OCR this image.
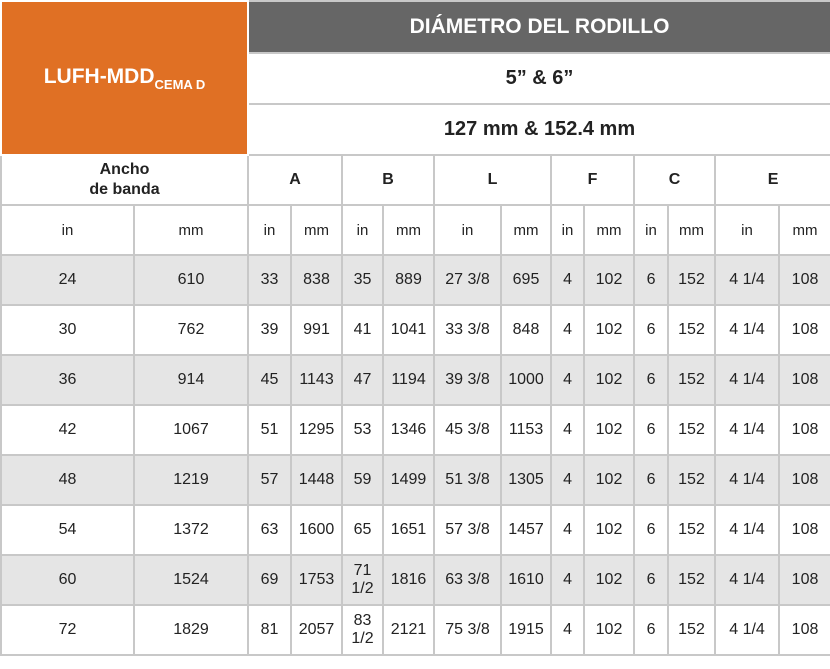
LUFH-$MDD_{CEMA D}$		DIÁMETRO DEL RODILLO											
		5” & 6”											
		127 mm & 152.4 mm											
Ancho
de banda		A		B		L		F		C		E	
in	mm	in	mm	in	mm	in	mm	in	mm	in	mm	in	mm
24	610	33	838	35	889	27 3/8	695	4	102	6	152	4 1/4	108
30	762	39	991	41	1041	33 3/8	848	4	102	6	152	4 1/4	108
36	914	45	1143	47	1194	39 3/8	1000	4	102	6	152	4 1/4	108
42	1067	51	1295	53	1346	45 3/8	1153	4	102	6	152	4 1/4	108
48	1219	57	1448	59	1499	51 3/8	1305	4	102	6	152	4 1/4	108
54	1372	63	1600	65	1651	57 3/8	1457	4	102	6	152	4 1/4	108
60	1524	69	1753	71 1/2	1816	63 3/8	1610	4	102	6	152	4 1/4	108
72	1829	81	2057	83 1/2	2121	75 3/8	1915	4	102	6	152	4 1/4	108
